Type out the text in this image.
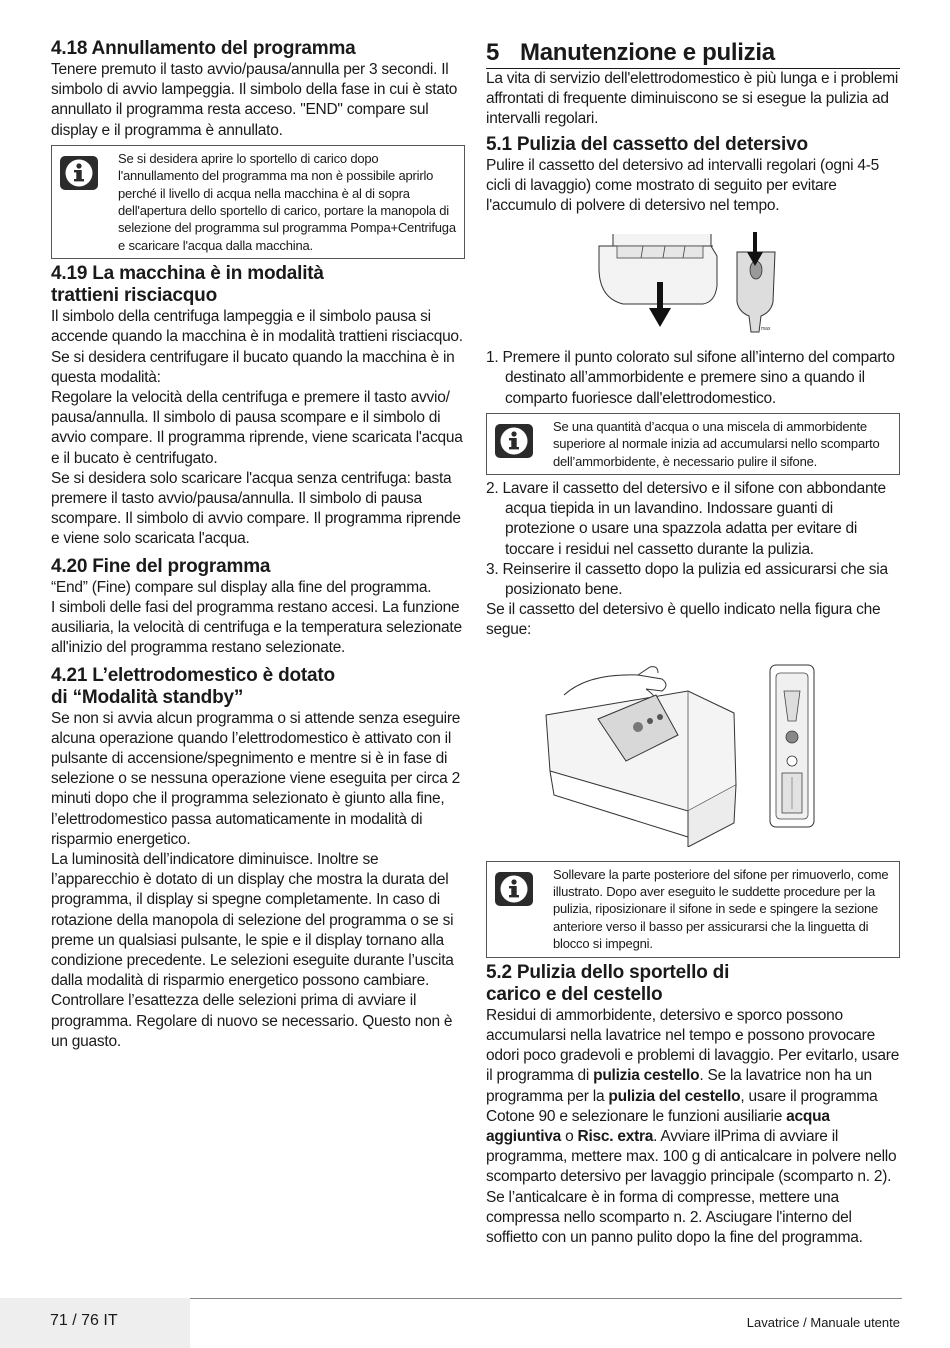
4.18 Annullamento del programma

Tenere premuto il tasto avvio/pausa/annulla per 3 secondi. Il simbolo di avvio lampeggia. Il simbolo della fase in cui è stato annullato il programma resta acceso. "END" compare sul display e il programma è annullato.

Se si desidera aprire lo sportello di carico dopo l'annullamento del programma ma non è possibile aprirlo perché il livello di acqua nella macchina è al di sopra dell'apertura dello sportello di carico, portare la manopola di selezione del programma sul programma Pompa+Centrifuga e scaricare l'acqua dalla macchina.
4.19 La macchina è in modalità
trattieni risciacquo

Il simbolo della centrifuga lampeggia e il simbolo pausa si accende quando la macchina è in modalità trattieni risciacquo.

Se si desidera centrifugare il bucato quando la macchina è in questa modalità:

Regolare la velocità della centrifuga e premere il tasto avvio/ pausa/annulla. Il simbolo di pausa scompare e il simbolo di avvio compare. Il programma riprende, viene scaricata l'acqua e il bucato è centrifugato.

Se si desidera solo scaricare l'acqua senza centrifuga: basta premere il tasto avvio/pausa/annulla. Il simbolo di pausa scompare. Il simbolo di avvio compare. Il programma riprende e viene solo scaricata l'acqua.

4.20 Fine del programma

“End” (Fine) compare sul display alla fine del programma.

I simboli delle fasi del programma restano accesi. La funzione ausiliaria, la velocità di centrifuga e la temperatura selezionate all'inizio del programma restano selezionate.

4.21 L’elettrodomestico è dotato
di “Modalità standby”

Se non si avvia alcun programma o si attende senza eseguire alcuna operazione quando l’elettrodomestico è attivato con il pulsante di accensione/spegnimento e mentre si è in fase di selezione o se nessuna operazione viene eseguita per circa 2 minuti dopo che il programma selezionato è giunto alla fine, l’elettrodomestico passa automaticamente in modalità di risparmio energetico.

La luminosità dell’indicatore diminuisce. Inoltre se l’apparecchio è dotato di un display che mostra la durata del programma, il display si spegne completamente. In caso di rotazione della manopola di selezione del programma o se si preme un qualsiasi pulsante, le spie e il display tornano alla condizione precedente. Le selezioni eseguite durante l’uscita dalla modalità di risparmio energetico possono cambiare. Controllare l’esattezza delle selezioni prima di avviare il programma. Regolare di nuovo se necessario. Questo non è un guasto.

5 Manutenzione e pulizia

La vita di servizio dell'elettrodomestico è più lunga e i problemi affrontati di frequente diminuiscono se si esegue la pulizia ad intervalli regolari.

5.1 Pulizia del cassetto del detersivo

Pulire il cassetto del detersivo ad intervalli regolari (ogni 4-5 cicli di lavaggio) come mostrato di seguito per evitare l'accumulo di polvere di detersivo nel tempo.

max
1. Premere il punto colorato sul sifone all’interno del comparto destinato all’ammorbidente e premere sino a quando il comparto fuoriesce dall'elettrodomestico.
Se una quantità d’acqua o una miscela di ammorbidente superiore al normale inizia ad accumularsi nello scomparto dell’ammorbidente, è necessario pulire il sifone.
2. Lavare il cassetto del detersivo e il sifone con abbondante acqua tiepida in un lavandino. Indossare guanti di protezione o usare una spazzola adatta per evitare di toccare i residui nel cassetto durante la pulizia.
3. Reinserire il cassetto dopo la pulizia ed assicurarsi che sia posizionato bene.

Se il cassetto del detersivo è quello indicato nella figura che segue:

Sollevare la parte posteriore del sifone per rimuoverlo, come illustrato. Dopo aver eseguito le suddette procedure per la pulizia, riposizionare il sifone in sede e spingere la sezione anteriore verso il basso per assicurarsi che la linguetta di blocco si impegni.
5.2 Pulizia dello sportello di
carico e del cestello

Residui di ammorbidente, detersivo e sporco possono accumularsi nella lavatrice nel tempo e possono provocare odori poco gradevoli e problemi di lavaggio. Per evitarlo, usare il programma di pulizia cestello. Se la lavatrice non ha un programma per la pulizia del cestello, usare il programma Cotone 90 e selezionare le funzioni ausiliarie acqua aggiuntiva o Risc. extra. Avviare ilPrima di avviare il programma, mettere max. 100 g di anticalcare in polvere nello scomparto detersivo per lavaggio principale (scomparto n. 2). Se l’anticalcare è in forma di compresse, mettere una compressa nello scomparto n. 2. Asciugare l'interno del soffietto con un panno pulito dopo la fine del programma.

71 / 76 IT	Lavatrice / Manuale utente
